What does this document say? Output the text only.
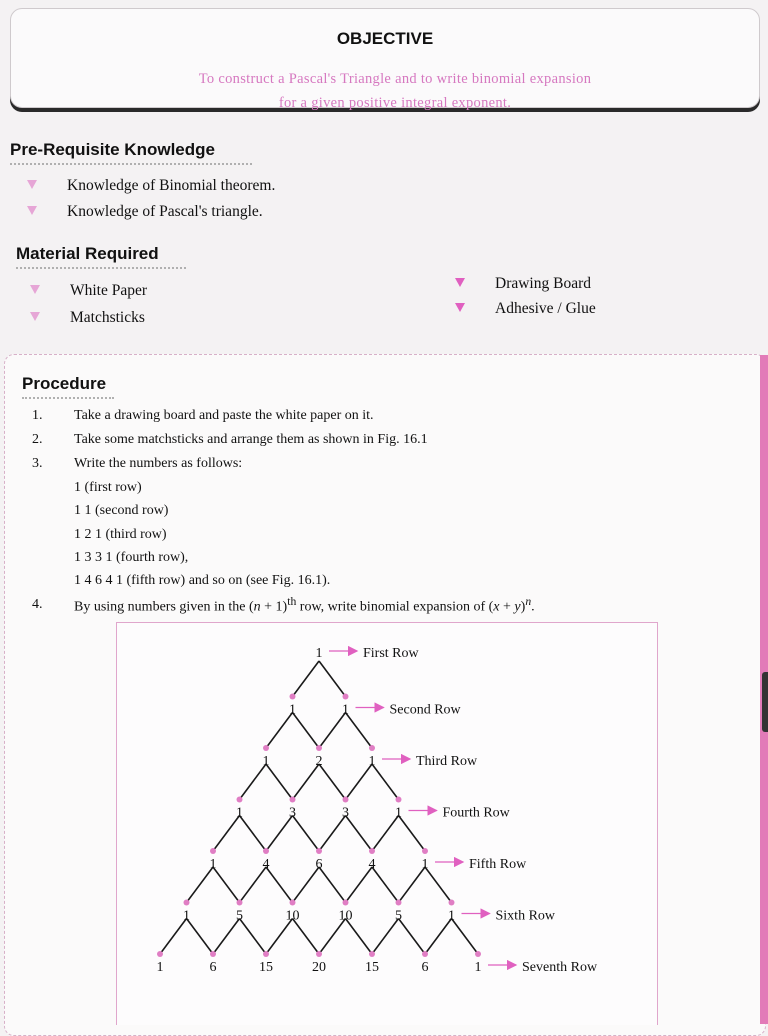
OBJECTIVE
To construct a Pascal's Triangle and to write binomial expansion
for a given positive integral exponent.
Pre-Requisite Knowledge
Knowledge of Binomial theorem.
Knowledge of Pascal's triangle.
Material Required
White Paper
Matchsticks
Drawing Board
Adhesive / Glue
Procedure
1. Take a drawing board and paste the white paper on it.
2. Take some matchsticks and arrange them as shown in Fig. 16.1
3. Write the numbers as follows:
1 (first row)
1 1 (second row)
1 2 1 (third row)
1 3 3 1 (fourth row),
1 4 6 4 1 (fifth row) and so on (see Fig. 16.1).
4. By using numbers given in the $(n + 1)^{th}$ row, write binomial expansion of $(x + y)^n$.
1	First Row
1	1	Second Row
1	2	1	Third Row
1	3	3	1	Fourth Row
1	4	6	4	1	Fifth Row
1	5	10	10	5	1	Sixth Row
1	6	15	20	15	6	1	Seventh Row
